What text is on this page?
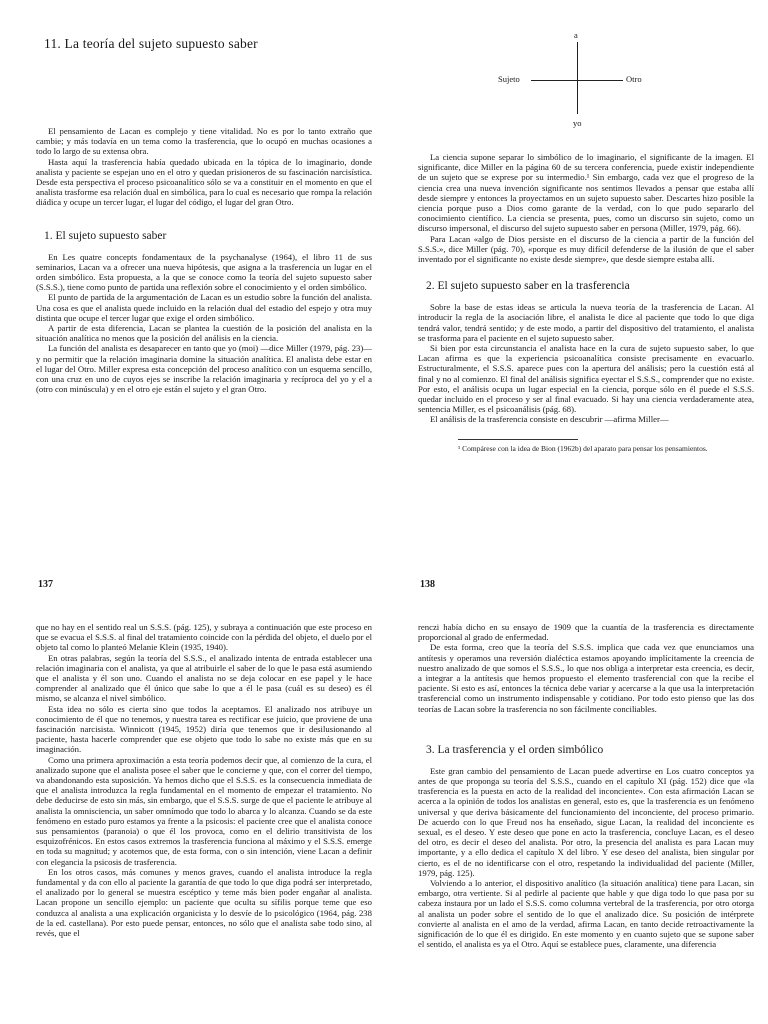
11. La teoría del sujeto supuesto saber

El pensamiento de Lacan es complejo y tiene vitalidad. No es por lo tanto extraño que cambie; y más todavía en un tema como la trasferencia, que lo ocupó en muchas ocasiones a todo lo largo de su extensa obra.

Hasta aquí la trasferencia había quedado ubicada en la tópica de lo imaginario, donde analista y paciente se espejan uno en el otro y quedan prisioneros de su fascinación narcisística. Desde esta perspectiva el proceso psicoanalítico sólo se va a constituir en el momento en que el analista trasforme esa relación dual en simbólica, para lo cual es necesario que rompa la relación diádica y ocupe un tercer lugar, el lugar del código, el lugar del gran Otro.

1. El sujeto supuesto saber

En Les quatre concepts fondamentaux de la psychanalyse (1964), el libro 11 de sus seminarios, Lacan va a ofrecer una nueva hipótesis, que asigna a la trasferencia un lugar en el orden simbólico. Esta propuesta, a la que se conoce como la teoría del sujeto supuesto saber (S.S.S.), tiene como punto de partida una reflexión sobre el conocimiento y el orden simbólico.

El punto de partida de la argumentación de Lacan es un estudio sobre la función del analista. Una cosa es que el analista quede incluido en la relación dual del estadio del espejo y otra muy distinta que ocupe el tercer lugar que exige el orden simbólico.

A partir de esta diferencia, Lacan se plantea la cuestión de la posición del analista en la situación analítica no menos que la posición del análisis en la ciencia.

La función del analista es desaparecer en tanto que yo (moi) —dice Miller (1979, pág. 23)— y no permitir que la relación imaginaria domine la situación analítica. El analista debe estar en el lugar del Otro. Miller expresa esta concepción del proceso analítico con un esquema sencillo, con una cruz en uno de cuyos ejes se inscribe la relación imaginaria y recíproca del yo y el a (otro con minúscula) y en el otro eje están el sujeto y el gran Otro.

137
a
Sujeto	Otro
yo

La ciencia supone separar lo simbólico de lo imaginario, el significante de la imagen. El significante, dice Miller en la página 60 de su tercera conferencia, puede existir independiente de un sujeto que se exprese por su intermedio.¹ Sin embargo, cada vez que el progreso de la ciencia crea una nueva invención significante nos sentimos llevados a pensar que estaba allí desde siempre y entonces la proyectamos en un sujeto supuesto saber. Descartes hizo posible la ciencia porque puso a Dios como garante de la verdad, con lo que pudo separarlo del conocimiento científico. La ciencia se presenta, pues, como un discurso sin sujeto, como un discurso impersonal, el discurso del sujeto supuesto saber en persona (Miller, 1979, pág. 66).

Para Lacan «algo de Dios persiste en el discurso de la ciencia a partir de la función del S.S.S.», dice Miller (pág. 70), «porque es muy difícil defenderse de la ilusión de que el saber inventado por el significante no existe desde siempre», que desde siempre estaba allí.

2. El sujeto supuesto saber en la trasferencia

Sobre la base de estas ideas se articula la nueva teoría de la trasferencia de Lacan. Al introducir la regla de la asociación libre, el analista le dice al paciente que todo lo que diga tendrá valor, tendrá sentido; y de este modo, a partir del dispositivo del tratamiento, el analista se trasforma para el paciente en el sujeto supuesto saber.

Si bien por esta circunstancia el analista hace en la cura de sujeto supuesto saber, lo que Lacan afirma es que la experiencia psicoanalítica consiste precisamente en evacuarlo. Estructuralmente, el S.S.S. aparece pues con la apertura del análisis; pero la cuestión está al final y no al comienzo. El final del análisis significa eyectar el S.S.S., comprender que no existe. Por esto, el análisis ocupa un lugar especial en la ciencia, porque sólo en él puede el S.S.S. quedar incluido en el proceso y ser al final evacuado. Si hay una ciencia verdaderamente atea, sentencia Miller, es el psicoanálisis (pág. 68).

El análisis de la trasferencia consiste en descubrir —afirma Miller—

¹ Compárese con la idea de Bion (1962b) del aparato para pensar los pensamientos.
138

que no hay en el sentido real un S.S.S. (pág. 125), y subraya a continuación que este proceso en que se evacua el S.S.S. al final del tratamiento coincide con la pérdida del objeto, el duelo por el objeto tal como lo planteó Melanie Klein (1935, 1940).

En otras palabras, según la teoría del S.S.S., el analizado intenta de entrada establecer una relación imaginaria con el analista, ya que al atribuirle el saber de lo que le pasa está asumiendo que el analista y él son uno. Cuando el analista no se deja colocar en ese papel y le hace comprender al analizado que él único que sabe lo que a él le pasa (cuál es su deseo) es él mismo, se alcanza el nivel simbólico.

Esta idea no sólo es cierta sino que todos la aceptamos. El analizado nos atribuye un conocimiento de él que no tenemos, y nuestra tarea es rectificar ese juicio, que proviene de una fascinación narcisista. Winnicott (1945, 1952) diría que tenemos que ir desilusionando al paciente, hasta hacerle comprender que ese objeto que todo lo sabe no existe más que en su imaginación.

Como una primera aproximación a esta teoría podemos decir que, al comienzo de la cura, el analizado supone que el analista posee el saber que le concierne y que, con el correr del tiempo, va abandonando esta suposición. Ya hemos dicho que el S.S.S. es la consecuencia inmediata de que el analista introduzca la regla fundamental en el momento de empezar el tratamiento. No debe deducirse de esto sin más, sin embargo, que el S.S.S. surge de que el paciente le atribuye al analista la omnisciencia, un saber omnímodo que todo lo abarca y lo alcanza. Cuando se da este fenómeno en estado puro estamos ya frente a la psicosis: el paciente cree que el analista conoce sus pensamientos (paranoia) o que él los provoca, como en el delirio transitivista de los esquizofrénicos. En estos casos extremos la trasferencia funciona al máximo y el S.S.S. emerge en toda su magnitud; y acotemos que, de esta forma, con o sin intención, viene Lacan a definir con elegancia la psicosis de trasferencia.

En los otros casos, más comunes y menos graves, cuando el analista introduce la regla fundamental y da con ello al paciente la garantía de que todo lo que diga podrá ser interpretado, el analizado por lo general se muestra escéptico y teme más bien poder engañar al analista. Lacan propone un sencillo ejemplo: un paciente que oculta su sífilis porque teme que eso conduzca al analista a una explicación organicista y lo desvíe de lo psicológico (1964, pág. 238 de la ed. castellana). Por esto puede pensar, entonces, no sólo que el analista sabe todo sino, al revés, que el

renczi había dicho en su ensayo de 1909 que la cuantía de la trasferencia es directamente proporcional al grado de enfermedad.

De esta forma, creo que la teoría del S.S.S. implica que cada vez que enunciamos una antítesis y operamos una reversión dialéctica estamos apoyando implícitamente la creencia de nuestro analizado de que somos el S.S.S., lo que nos obliga a interpretar esta creencia, es decir, a integrar a la antítesis que hemos propuesto el elemento trasferencial con que la recibe el paciente. Si esto es así, entonces la técnica debe variar y acercarse a la que usa la interpretación trasferencial como un instrumento indispensable y cotidiano. Por todo esto pienso que las dos teorías de Lacan sobre la trasferencia no son fácilmente conciliables.

3. La trasferencia y el orden simbólico

Este gran cambio del pensamiento de Lacan puede advertirse en Los cuatro conceptos ya antes de que proponga su teoría del S.S.S., cuando en el capítulo XI (pág. 152) dice que «la trasferencia es la puesta en acto de la realidad del inconciente». Con esta afirmación Lacan se acerca a la opinión de todos los analistas en general, esto es, que la trasferencia es un fenómeno universal y que deriva básicamente del funcionamiento del inconciente, del proceso primario. De acuerdo con lo que Freud nos ha enseñado, sigue Lacan, la realidad del inconciente es sexual, es el deseo. Y este deseo que pone en acto la trasferencia, concluye Lacan, es el deseo del otro, es decir el deseo del analista. Por otro, la presencia del analista es para Lacan muy importante, y a ello dedica el capítulo X del libro. Y ese deseo del analista, bien singular por cierto, es el de no identificarse con el otro, respetando la individualidad del paciente (Miller, 1979, pág. 125).

Volviendo a lo anterior, el dispositivo analítico (la situación analítica) tiene para Lacan, sin embargo, otra vertiente. Si al pedirle al paciente que hable y que diga todo lo que pasa por su cabeza instaura por un lado el S.S.S. como columna vertebral de la trasferencia, por otro otorga al analista un poder sobre el sentido de lo que el analizado dice. Su posición de intérprete convierte al analista en el amo de la verdad, afirma Lacan, en tanto decide retroactivamente la significación de lo que él es dirigido. En este momento y en cuanto sujeto que se supone saber el sentido, el analista es ya el Otro. Aquí se establece pues, claramente, una diferencia
